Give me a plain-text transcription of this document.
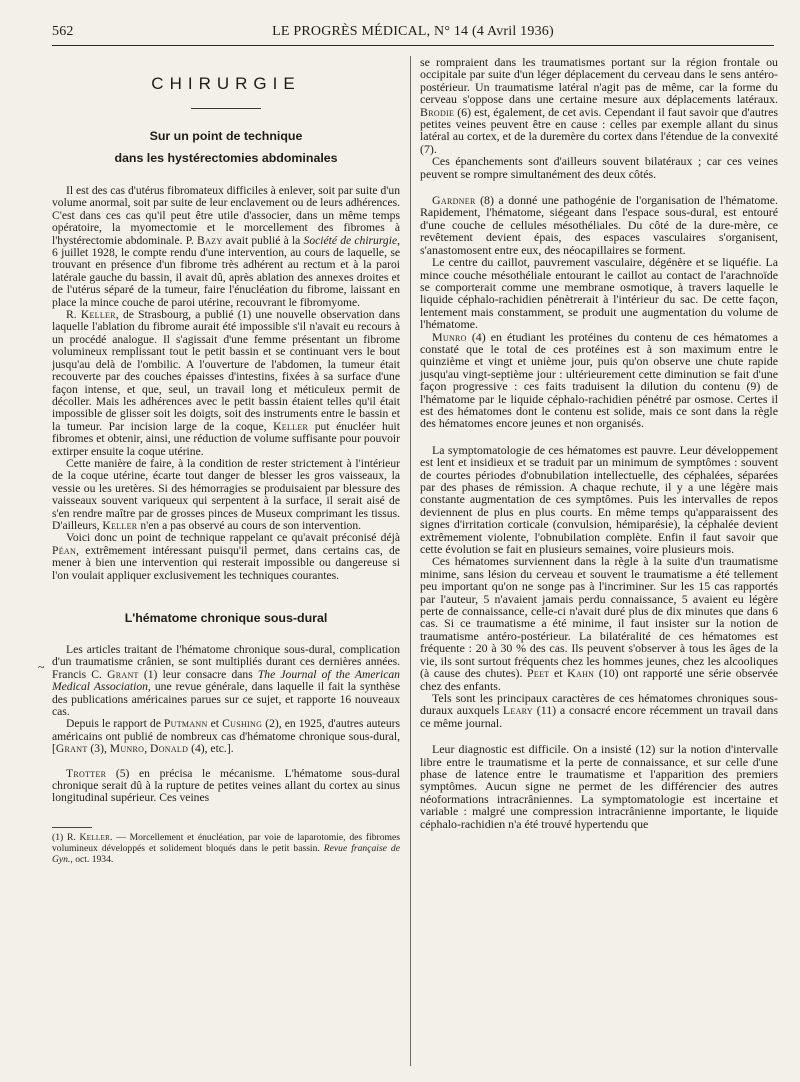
562	LE PROGRÈS MÉDICAL, N° 14 (4 Avril 1936)
~
CHIRURGIE
Sur un point de technique
dans les hystérectomies abdominales

Il est des cas d'utérus fibromateux difficiles à enlever, soit par suite d'un volume anormal, soit par suite de leur enclavement ou de leurs adhérences. C'est dans ces cas qu'il peut être utile d'associer, dans un même temps opératoire, la myomectomie et le morcellement des fibromes à l'hystérectomie abdominale. P. Bazy avait publié à la Société de chirurgie, 6 juillet 1928, le compte rendu d'une intervention, au cours de laquelle, se trouvant en présence d'un fibrome très adhérent au rectum et à la paroi latérale gauche du bassin, il avait dû, après ablation des annexes droites et de l'utérus séparé de la tumeur, faire l'énucléation du fibrome, laissant en place la mince couche de paroi utérine, recouvrant le fibromyome.

R. Keller, de Strasbourg, a publié (1) une nouvelle observation dans laquelle l'ablation du fibrome aurait été impossible s'il n'avait eu recours à un procédé analogue. Il s'agissait d'une femme présentant un fibrome volumineux remplissant tout le petit bassin et se continuant vers le bout jusqu'au delà de l'ombilic. A l'ouverture de l'abdomen, la tumeur était recouverte par des couches épaisses d'intestins, fixées à sa surface d'une façon intense, et que, seul, un travail long et méticuleux permit de décoller. Mais les adhérences avec le petit bassin étaient telles qu'il était impossible de glisser soit les doigts, soit des instruments entre le bassin et la tumeur. Par incision large de la coque, Keller put énucléer huit fibromes et obtenir, ainsi, une réduction de volume suffisante pour pouvoir extirper ensuite la coque utérine.

Cette manière de faire, à la condition de rester strictement à l'intérieur de la coque utérine, écarte tout danger de blesser les gros vaisseaux, la vessie ou les uretères. Si des hémorragies se produisaient par blessure des vaisseaux souvent variqueux qui serpentent à la surface, il serait aisé de s'en rendre maître par de grosses pinces de Museux comprimant les tissus. D'ailleurs, Keller n'en a pas observé au cours de son intervention.

Voici donc un point de technique rappelant ce qu'avait préconisé déjà Péan, extrêmement intéressant puisqu'il permet, dans certains cas, de mener à bien une intervention qui resterait impossible ou dangereuse si l'on voulait appliquer exclusivement les techniques courantes.

L'hématome chronique sous-dural

Les articles traitant de l'hématome chronique sous-dural, complication d'un traumatisme crânien, se sont multipliés durant ces dernières années. Francis C. Grant (1) leur consacre dans The Journal of the American Medical Association, une revue générale, dans laquelle il fait la synthèse des publications américaines parues sur ce sujet, et rapporte 16 nouveaux cas.

Depuis le rapport de Putmann et Cushing (2), en 1925, d'autres auteurs américains ont publié de nombreux cas d'hématome chronique sous-dural, [Grant (3), Munro, Donald (4), etc.].

Trotter (5) en précisa le mécanisme. L'hématome sous-dural chronique serait dû à la rupture de petites veines allant du cortex au sinus longitudinal supérieur. Ces veines

(1) R. Keller. — Morcellement et énucléation, par voie de laparotomie, des fibromes volumineux développés et solidement bloqués dans le petit bassin. Revue française de Gyn., oct. 1934.

se rompraient dans les traumatismes portant sur la région frontale ou occipitale par suite d'un léger déplacement du cerveau dans le sens antéro-postérieur. Un traumatisme latéral n'agit pas de même, car la forme du cerveau s'oppose dans une certaine mesure aux déplacements latéraux. Brodie (6) est, également, de cet avis. Cependant il faut savoir que d'autres petites veines peuvent être en cause : celles par exemple allant du sinus latéral au cortex, et de la duremère du cortex dans l'étendue de la convexité (7).

Ces épanchements sont d'ailleurs souvent bilatéraux ; car ces veines peuvent se rompre simultanément des deux côtés.

Gardner (8) a donné une pathogénie de l'organisation de l'hématome. Rapidement, l'hématome, siégeant dans l'espace sous-dural, est entouré d'une couche de cellules mésothéliales. Du côté de la dure-mère, ce revêtement devient épais, des espaces vasculaires s'organisent, s'anastomosent entre eux, des néocapillaires se forment.

Le centre du caillot, pauvrement vasculaire, dégénère et se liquéfie. La mince couche mésothéliale entourant le caillot au contact de l'arachnoïde se comporterait comme une membrane osmotique, à travers laquelle le liquide céphalo-rachidien pénètrerait à l'intérieur du sac. De cette façon, lentement mais constamment, se produit une augmentation du volume de l'hématome.

Munro (4) en étudiant les protéines du contenu de ces hématomes a constaté que le total de ces protéines est à son maximum entre le quinzième et vingt et unième jour, puis qu'on observe une chute rapide jusqu'au vingt-septième jour : ultérieurement cette diminution se fait d'une façon progressive : ces faits traduisent la dilution du contenu (9) de l'hématome par le liquide céphalo-rachidien pénétré par osmose. Certes il est des hématomes dont le contenu est solide, mais ce sont dans la règle des hématomes encore jeunes et non organisés.

La symptomatologie de ces hématomes est pauvre. Leur développement est lent et insidieux et se traduit par un minimum de symptômes : souvent de courtes périodes d'obnubilation intellectuelle, des céphalées, séparées par des phases de rémission. A chaque rechute, il y a une légère mais constante augmentation de ces symptômes. Puis les intervalles de repos deviennent de plus en plus courts. En même temps qu'apparaissent des signes d'irritation corticale (convulsion, hémiparésie), la céphalée devient extrêmement violente, l'obnubilation complète. Enfin il faut savoir que cette évolution se fait en plusieurs semaines, voire plusieurs mois.

Ces hématomes surviennent dans la règle à la suite d'un traumatisme minime, sans lésion du cerveau et souvent le traumatisme a été tellement peu important qu'on ne songe pas à l'incriminer. Sur les 15 cas rapportés par l'auteur, 5 n'avaient jamais perdu connaissance, 5 avaient eu légère perte de connaissance, celle-ci n'avait duré plus de dix minutes que dans 6 cas. Si ce traumatisme a été minime, il faut insister sur la notion de traumatisme antéro-postérieur. La bilatéralité de ces hématomes est fréquente : 20 à 30 % des cas. Ils peuvent s'observer à tous les âges de la vie, ils sont surtout fréquents chez les hommes jeunes, chez les alcooliques (à cause des chutes). Peet et Kahn (10) ont rapporté une série observée chez des enfants.

Tels sont les principaux caractères de ces hématomes chroniques sous-duraux auxquels Leary (11) a consacré encore récemment un travail dans ce même journal.

Leur diagnostic est difficile. On a insisté (12) sur la notion d'intervalle libre entre le traumatisme et la perte de connaissance, et sur celle d'une phase de latence entre le traumatisme et l'apparition des premiers symptômes. Aucun signe ne permet de les différencier des autres néoformations intracrâniennes. La symptomatologie est incertaine et variable : malgré une compression intracrânienne importante, le liquide céphalo-rachidien n'a été trouvé hypertendu que
